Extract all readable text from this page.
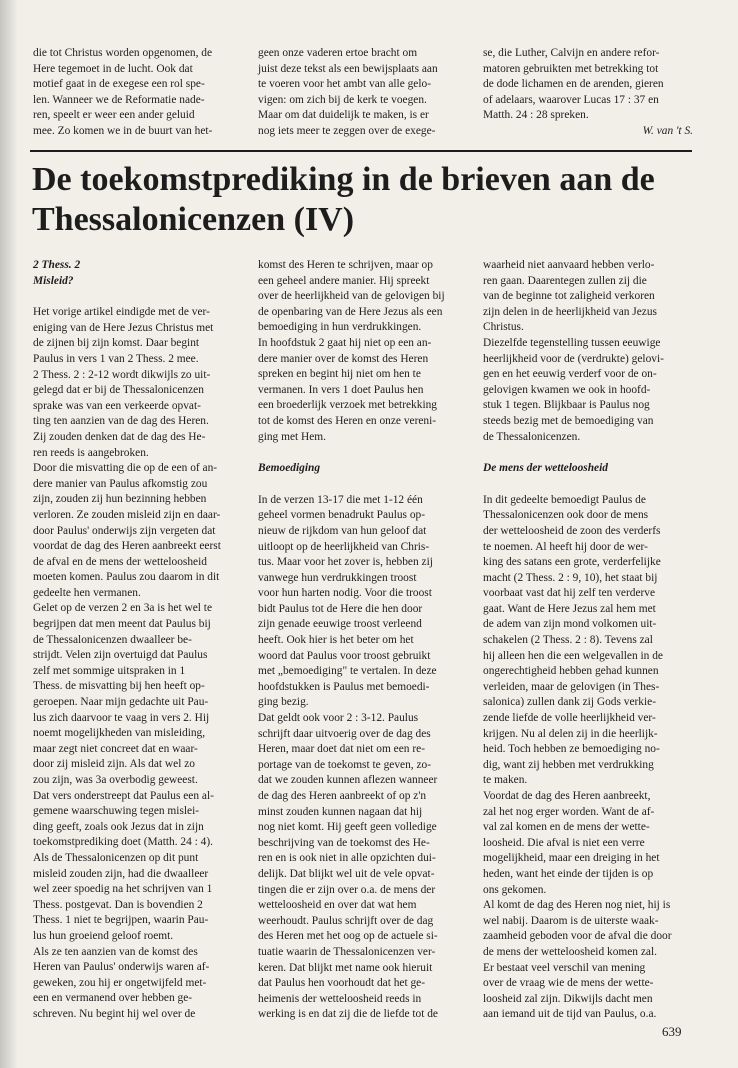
die tot Christus worden opgenomen, de
Here tegemoet in de lucht. Ook dat
motief gaat in de exegese een rol spe-
len. Wanneer we de Reformatie nade-
ren, speelt er weer een ander geluid
mee. Zo komen we in de buurt van het-
geen onze vaderen ertoe bracht om
juist deze tekst als een bewijsplaats aan
te voeren voor het ambt van alle gelo-
vigen: om zich bij de kerk te voegen.
Maar om dat duidelijk te maken, is er
nog iets meer te zeggen over de exege-
se, die Luther, Calvijn en andere refor-
matoren gebruikten met betrekking tot
de dode lichamen en de arenden, gieren
of adelaars, waarover Lucas 17 : 37 en
Matth. 24 : 28 spreken.

W. van 't S.

De toekomstprediking in de brieven aan de
Thessalonicenzen (IV)

2 Thess. 2

Misleid?

Het vorige artikel eindigde met de ver-
eniging van de Here Jezus Christus met
de zijnen bij zijn komst. Daar begint
Paulus in vers 1 van 2 Thess. 2 mee.
2 Thess. 2 : 2-12 wordt dikwijls zo uit-
gelegd dat er bij de Thessalonicenzen
sprake was van een verkeerde opvat-
ting ten aanzien van de dag des Heren.
Zij zouden denken dat de dag des He-
ren reeds is aangebroken.
Door die misvatting die op de een of an-
dere manier van Paulus afkomstig zou
zijn, zouden zij hun bezinning hebben
verloren. Ze zouden misleid zijn en daar-
door Paulus' onderwijs zijn vergeten dat
voordat de dag des Heren aanbreekt eerst
de afval en de mens der wetteloosheid
moeten komen. Paulus zou daarom in dit
gedeelte hen vermanen.
Gelet op de verzen 2 en 3a is het wel te
begrijpen dat men meent dat Paulus bij
de Thessalonicenzen dwaalleer be-
strijdt. Velen zijn overtuigd dat Paulus
zelf met sommige uitspraken in 1
Thess. de misvatting bij hen heeft op-
geroepen. Naar mijn gedachte uit Pau-
lus zich daarvoor te vaag in vers 2. Hij
noemt mogelijkheden van misleiding,
maar zegt niet concreet dat en waar-
door zij misleid zijn. Als dat wel zo
zou zijn, was 3a overbodig geweest.
Dat vers onderstreept dat Paulus een al-
gemene waarschuwing tegen mislei-
ding geeft, zoals ook Jezus dat in zijn
toekomstprediking doet (Matth. 24 : 4).
Als de Thessalonicenzen op dit punt
misleid zouden zijn, had die dwaalleer
wel zeer spoedig na het schrijven van 1
Thess. postgevat. Dan is bovendien 2
Thess. 1 niet te begrijpen, waarin Pau-
lus hun groeiend geloof roemt.
Als ze ten aanzien van de komst des
Heren van Paulus' onderwijs waren af-
geweken, zou hij er ongetwijfeld met-
een en vermanend over hebben ge-
schreven. Nu begint hij wel over de
komst des Heren te schrijven, maar op
een geheel andere manier. Hij spreekt
over de heerlijkheid van de gelovigen bij
de openbaring van de Here Jezus als een
bemoediging in hun verdrukkingen.
In hoofdstuk 2 gaat hij niet op een an-
dere manier over de komst des Heren
spreken en begint hij niet om hen te
vermanen. In vers 1 doet Paulus hen
een broederlijk verzoek met betrekking
tot de komst des Heren en onze vereni-
ging met Hem.

Bemoediging

In de verzen 13-17 die met 1-12 één
geheel vormen benadrukt Paulus op-
nieuw de rijkdom van hun geloof dat
uitloopt op de heerlijkheid van Chris-
tus. Maar voor het zover is, hebben zij
vanwege hun verdrukkingen troost
voor hun harten nodig. Voor die troost
bidt Paulus tot de Here die hen door
zijn genade eeuwige troost verleend
heeft. Ook hier is het beter om het
woord dat Paulus voor troost gebruikt
met „bemoediging" te vertalen. In deze
hoofdstukken is Paulus met bemoedi-
ging bezig.
Dat geldt ook voor 2 : 3-12. Paulus
schrijft daar uitvoerig over de dag des
Heren, maar doet dat niet om een re-
portage van de toekomst te geven, zo-
dat we zouden kunnen aflezen wanneer
de dag des Heren aanbreekt of op z'n
minst zouden kunnen nagaan dat hij
nog niet komt. Hij geeft geen volledige
beschrijving van de toekomst des He-
ren en is ook niet in alle opzichten dui-
delijk. Dat blijkt wel uit de vele opvat-
tingen die er zijn over o.a. de mens der
wetteloosheid en over dat wat hem
weerhoudt. Paulus schrijft over de dag
des Heren met het oog op de actuele si-
tuatie waarin de Thessalonicenzen ver-
keren. Dat blijkt met name ook hieruit
dat Paulus hen voorhoudt dat het ge-
heimenis der wetteloosheid reeds in
werking is en dat zij die de liefde tot de
waarheid niet aanvaard hebben verlo-
ren gaan. Daarentegen zullen zij die
van de beginne tot zaligheid verkoren
zijn delen in de heerlijkheid van Jezus
Christus.
Diezelfde tegenstelling tussen eeuwige
heerlijkheid voor de (verdrukte) gelovi-
gen en het eeuwig verderf voor de on-
gelovigen kwamen we ook in hoofd-
stuk 1 tegen. Blijkbaar is Paulus nog
steeds bezig met de bemoediging van
de Thessalonicenzen.

De mens der wetteloosheid

In dit gedeelte bemoedigt Paulus de
Thessalonicenzen ook door de mens
der wetteloosheid de zoon des verderfs
te noemen. Al heeft hij door de wer-
king des satans een grote, verderfelijke
macht (2 Thess. 2 : 9, 10), het staat bij
voorbaat vast dat hij zelf ten verderve
gaat. Want de Here Jezus zal hem met
de adem van zijn mond volkomen uit-
schakelen (2 Thess. 2 : 8). Tevens zal
hij alleen hen die een welgevallen in de
ongerechtigheid hebben gehad kunnen
verleiden, maar de gelovigen (in Thes-
salonica) zullen dank zij Gods verkie-
zende liefde de volle heerlijkheid ver-
krijgen. Nu al delen zij in die heerlijk-
heid. Toch hebben ze bemoediging no-
dig, want zij hebben met verdrukking
te maken.
Voordat de dag des Heren aanbreekt,
zal het nog erger worden. Want de af-
val zal komen en de mens der wette-
loosheid. Die afval is niet een verre
mogelijkheid, maar een dreiging in het
heden, want het einde der tijden is op
ons gekomen.
Al komt de dag des Heren nog niet, hij is
wel nabij. Daarom is de uiterste waak-
zaamheid geboden voor de afval die door
de mens der wetteloosheid komen zal.
Er bestaat veel verschil van mening
over de vraag wie de mens der wette-
loosheid zal zijn. Dikwijls dacht men
aan iemand uit de tijd van Paulus, o.a.
639
